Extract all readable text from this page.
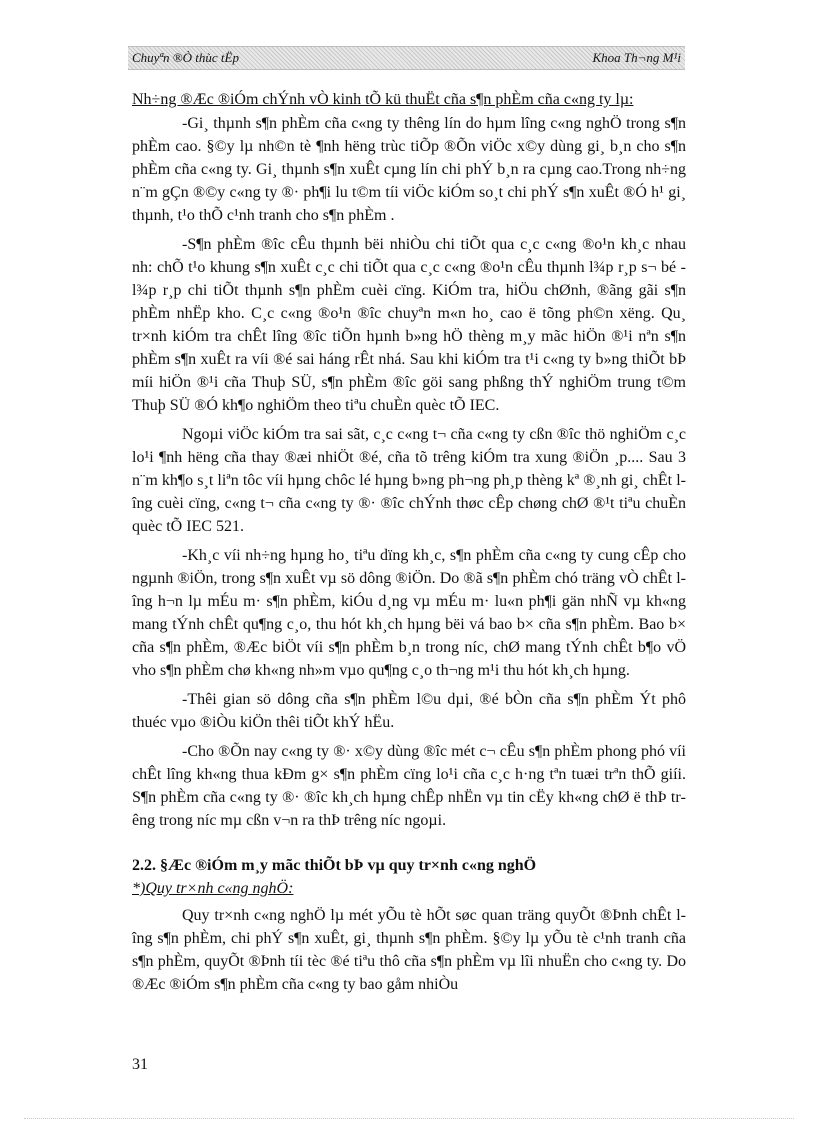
Chuyªn ®Ò thùc tËp	Khoa Th¬ng M¹i

Nh÷ng ®Æc ®iÓm chÝnh vÒ kinh tÕ kü thuËt cña s¶n phÈm cña c«ng ty lµ:

-Gi¸ thµnh s¶n phÈm cña c«ng ty thêng lín do hµm lîng c«ng nghÖ trong s¶n phÈm cao. §©y lµ nh©n tè ¶nh hëng trùc tiÕp ®Õn viÖc x©y dùng gi¸ b¸n cho s¶n phÈm cña c«ng ty. Gi¸ thµnh s¶n xuÊt cµng lín chi phÝ b¸n ra cµng cao.Trong nh÷ng n¨m gÇn ®©y c«ng ty ®· ph¶i lu t©m tíi viÖc kiÓm so¸t chi phÝ s¶n xuÊt ®Ó h¹ gi¸ thµnh, t¹o thÕ c¹nh tranh cho s¶n phÈm .

-S¶n phÈm ®îc cÊu thµnh bëi nhiÒu chi tiÕt qua c¸c c«ng ®o¹n kh¸c nhau nh: chÕ t¹o khung s¶n xuÊt c¸c chi tiÕt qua c¸c c«ng ®o¹n cÊu thµnh l¾p r¸p s¬ bé - l¾p r¸p chi tiÕt thµnh s¶n phÈm cuèi cïng. KiÓm tra, hiÖu chØnh, ®ãng gãi s¶n phÈm nhËp kho. C¸c c«ng ®o¹n ®îc chuyªn m«n ho¸ cao ë tõng ph©n xëng. Qu¸ tr×nh kiÓm tra chÊt lîng ®îc tiÕn hµnh b»ng hÖ thèng m¸y mãc hiÖn ®¹i nªn s¶n phÈm s¶n xuÊt ra víi ®é sai háng rÊt nhá. Sau khi kiÓm tra t¹i c«ng ty b»ng thiÕt bÞ míi hiÖn ®¹i cña Thuþ SÜ, s¶n phÈm ®îc göi sang phßng thÝ nghiÖm trung t©m Thuþ SÜ ®Ó kh¶o nghiÖm theo tiªu chuÈn quèc tÕ IEC.

Ngoµi viÖc kiÓm tra sai sãt, c¸c c«ng t¬ cña c«ng ty cßn ®îc thö nghiÖm c¸c lo¹i ¶nh hëng cña thay ®æi nhiÖt ®é, cña tõ trêng kiÓm tra xung ®iÖn ¸p.... Sau 3 n¨m kh¶o s¸t liªn tôc víi hµng chôc lé hµng b»ng ph¬ng ph¸p thèng kª ®¸nh gi¸ chÊt lîng cuèi cïng, c«ng t¬ cña c«ng ty ®· ®îc chÝnh thøc cÊp chøng chØ ®¹t tiªu chuÈn quèc tÕ IEC 521.

-Kh¸c víi nh÷ng hµng ho¸ tiªu dïng kh¸c, s¶n phÈm cña c«ng ty cung cÊp cho ngµnh ®iÖn, trong s¶n xuÊt vµ sö dông ®iÖn. Do ®ã s¶n phÈm chó träng vÒ chÊt lîng h¬n lµ mÉu m· s¶n phÈm, kiÓu d¸ng vµ mÉu m· lu«n ph¶i gän nhÑ vµ kh«ng mang tÝnh chÊt qu¶ng c¸o, thu hót kh¸ch hµng bëi vá bao b× cña s¶n phÈm. Bao b× cña s¶n phÈm, ®Æc biÖt víi s¶n phÈm b¸n trong níc, chØ mang tÝnh chÊt b¶o vÖ vho s¶n phÈm chø kh«ng nh»m vµo qu¶ng c¸o th¬ng m¹i thu hót kh¸ch hµng.

-Thêi gian sö dông cña s¶n phÈm l©u dµi, ®é bÒn cña s¶n phÈm Ýt phô thuéc vµo ®iÒu kiÖn thêi tiÕt khÝ hËu.

-Cho ®Õn nay c«ng ty ®· x©y dùng ®îc mét c¬ cÊu s¶n phÈm phong phó víi chÊt lîng kh«ng thua kÐm g× s¶n phÈm cïng lo¹i cña c¸c h·ng tªn tuæi trªn thÕ giíi. S¶n phÈm cña c«ng ty ®· ®îc kh¸ch hµng chÊp nhËn vµ tin cËy kh«ng chØ ë thÞ trêng trong níc mµ cßn v¬n ra thÞ trêng níc ngoµi.

2.2. §Æc ®iÓm m¸y mãc thiÕt bÞ vµ quy tr×nh c«ng nghÖ

*)Quy tr×nh c«ng nghÖ:

Quy tr×nh c«ng nghÖ lµ mét yÕu tè hÕt søc quan träng quyÕt ®Þnh chÊt lîng s¶n phÈm, chi phÝ s¶n xuÊt, gi¸ thµnh s¶n phÈm. §©y lµ yÕu tè c¹nh tranh cña s¶n phÈm, quyÕt ®Þnh tíi tèc ®é tiªu thô cña s¶n phÈm vµ lîi nhuËn cho c«ng ty. Do ®Æc ®iÓm s¶n phÈm cña c«ng ty bao gåm nhiÒu

31
